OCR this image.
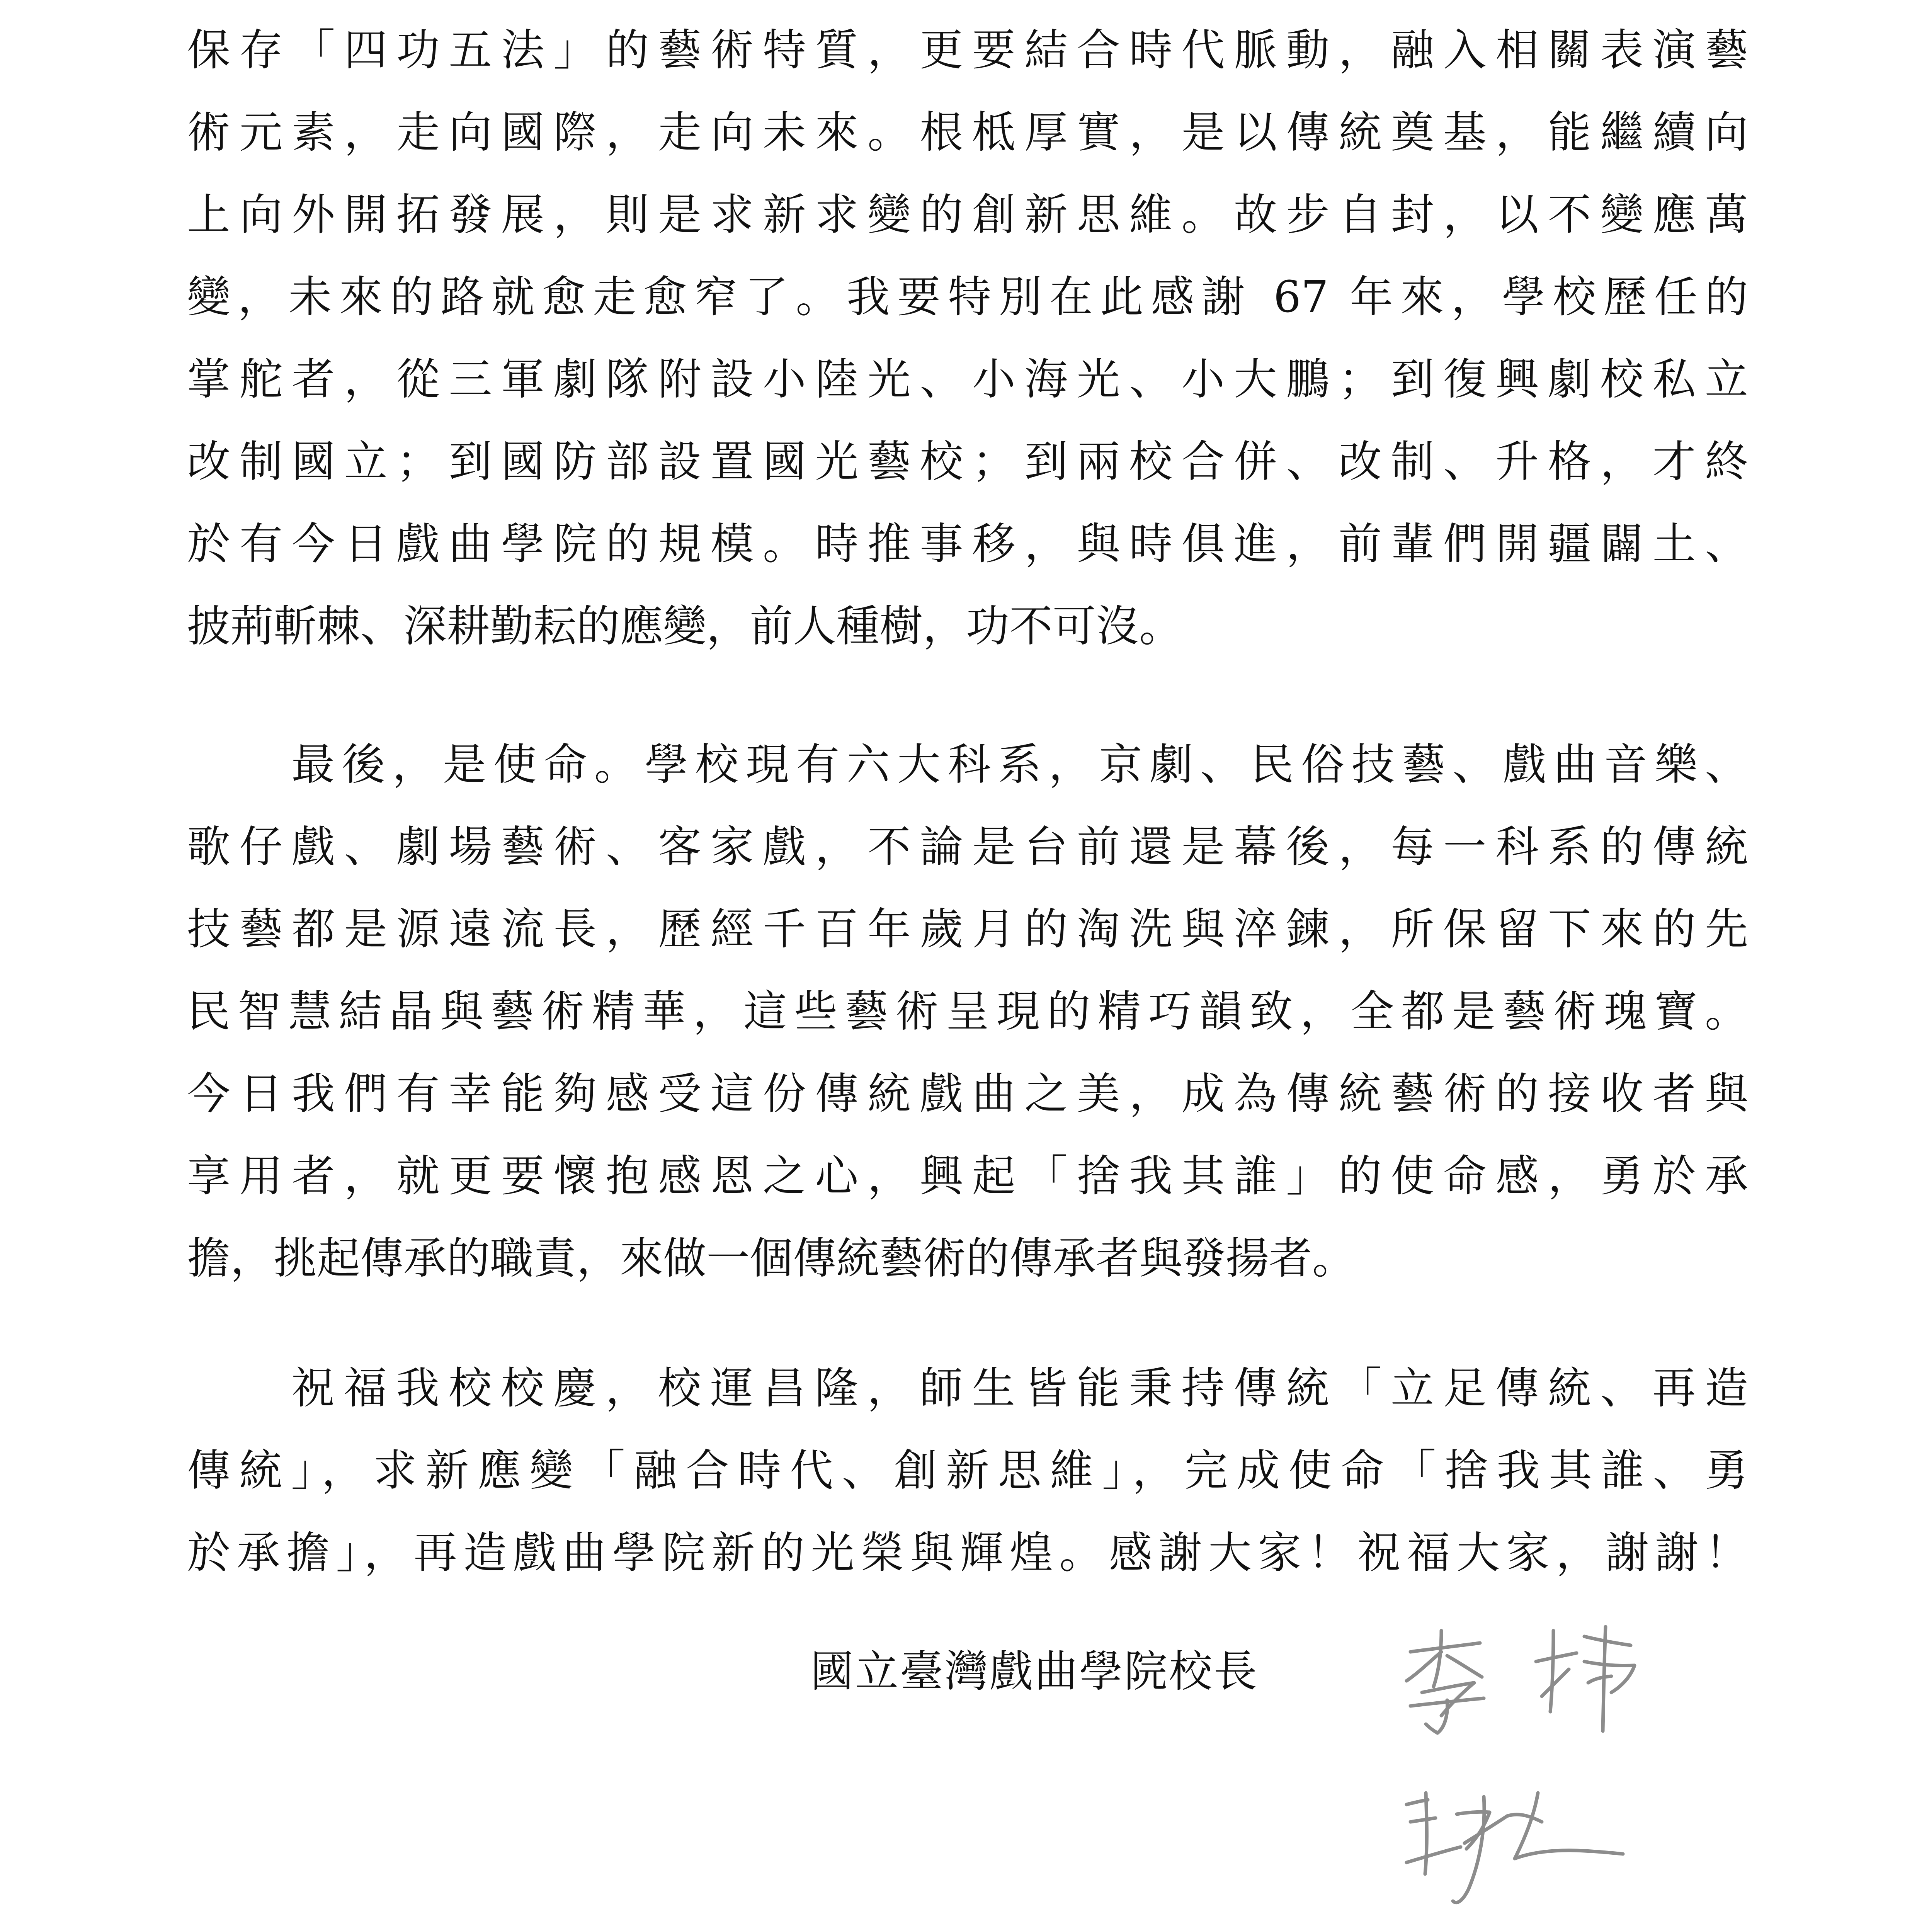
保存「四功五法」的藝術特質，更要結合時代脈動，融入相關表演藝
術元素，走向國際，走向未來。根柢厚實，是以傳統奠基，能繼續向
上向外開拓發展，則是求新求變的創新思維。故步自封，以不變應萬
變，未來的路就愈走愈窄了。我要特別在此感謝 67 年來，學校歷任的
掌舵者，從三軍劇隊附設小陸光、小海光、小大鵬；到復興劇校私立
改制國立；到國防部設置國光藝校；到兩校合併、改制、升格，才終
於有今日戲曲學院的規模。時推事移，與時俱進，前輩們開疆闢土、
披荊斬棘、深耕勤耘的應變，前人種樹，功不可沒。
最後，是使命。學校現有六大科系，京劇、民俗技藝、戲曲音樂、
歌仔戲、劇場藝術、客家戲，不論是台前還是幕後，每一科系的傳統
技藝都是源遠流長，歷經千百年歲月的淘洗與淬鍊，所保留下來的先
民智慧結晶與藝術精華，這些藝術呈現的精巧韻致，全都是藝術瑰寶。
今日我們有幸能夠感受這份傳統戲曲之美，成為傳統藝術的接收者與
享用者，就更要懷抱感恩之心，興起「捨我其誰」的使命感，勇於承
擔，挑起傳承的職責，來做一個傳統藝術的傳承者與發揚者。
祝福我校校慶，校運昌隆，師生皆能秉持傳統「立足傳統、再造
傳統」，求新應變「融合時代、創新思維」，完成使命「捨我其誰、勇
於承擔」，再造戲曲學院新的光榮與輝煌。感謝大家！祝福大家，謝謝！
國立臺灣戲曲學院校長
